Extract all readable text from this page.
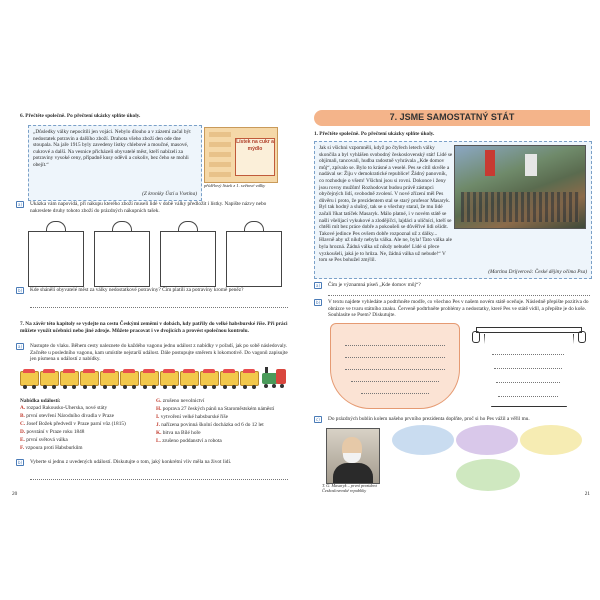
6. Přečtěte společně. Po přečtení ukázky splňte úkoly.
„Důsledky války nepocítili jen vojáci. Nebylo dlouho a v zázemí začal být nedostatek potravin a dalšího zboží. Drahota všeho zboží den ode dne stoupala. Na jaře 1915 byly zavedeny lístky chlebové a moučné, masové, cukrové a další. Na vesnice přicházeli obyvatelé měst, kteří nabízeli za potraviny vysoké ceny, případně kusy oděvů a cokoliv, bez čeho se mohli obejít.“
(Z kroniky Ústí u Vsetína)
Lístek na cukr a mýdlo
přídělový lístek z 1. světové války
a)	Ukázka vám napovídá, při nákupu kterého zboží museli lidé v době války předložit i lístky. Napište názvy nebo nakreslete druhy tohoto zboží do prázdných nákupních tašek.
b)	Kde shánělí obyvatelé měst za války nedostatkové potraviny? Čím platili za potraviny kromě peněz?
7. Na závěr této kapitoly se vydejte na cestu Českými zeměmi v dobách, kdy patřily do velké habsburské říše. Při práci můžete využít učebnici nebo jiné zdroje. Můžete pracovat i ve dvojicích a provést společnou kontrolu.
a)	Nastupte do vlaku. Během cesty naleznete do každého vagonu jednu událost z nabídky v pořadí, jak po sobě následovaly. Začněte u posledního vagonu, kam umístíte nejstarší událost. Dále postupujte směrem k lokomotivě. Do vagonů zapisujte jen písmena u událostí z nabídky.
Nabídka událostí:
A. rozpad Rakousko-Uherska, nové státy
B. první otevření Národního divadla v Praze
C. Josef Božek předvedl v Praze parní vůz (1815)
D. povstání v Praze roku 1848
E. první světová válka
F. vzpoura proti Habsburkům
G. zrušeno nevolnictví
H. popravа 27 českých pánů na Staroměstském náměstí
I. vytvoření velké habsburské říše
J. nařízena povinná školní docházka od 6 do 12 let
K. bitva na Bílé hoře
L. zrušeno poddanství a robota
b)	Vyberte si jednu z uvedených událostí. Diskutujte o tom, jaký konkrétní vliv měla na život lidí.
20
7. JSME SAMOSTATNÝ STÁT
1. Přečtěte společně. Po přečtení ukázky splňte úkoly.
Jak si všichni vzpomněli, když po čtyřech letech války skončila a byl vyhlášen svobodný československý stát! Lidé se objímali, tancovali, hudba radostně vyhrávala „Kde domov můj“, zpívalo se. Bylo to krásné a veselé. Pes se cítil skvěle a nadával se: Žiju v demokratické republice! Žádný panovník, co rozhoduje o všem! Všichni jsou si rovni. Dokonce i ženy jsou rovny mužům! Rozhodovat budou právě zástupci obyčejných lidí, svobodně zvolení. V nové zřízení měl Pes důvěru i proto, že prezidentem stal se starý profesor Masaryk. Byl tak hodný a slušný, tak se o všechny staral, že mu lidé začali říkat tatíček Masaryk. Málo platné, i v novém státě se našli všelijací vykukové a zlodějíčci, lajdáci a uličníci, kteří se chtěli mít bez práce dobře a pokoušeli se důvěřivé lidi ošidit. Takové jedince Pes ovšem dobře rozpoznal už z dálky... Hlavně aby už nikdy nebyla válka. Ale ne, byla! Tato válka ale byla hrozná. Žádná válka už nikdy nebude! Lidé si přece vyzkoušeli, jaká je to hrůza. Ne, žádná válka už nebude!“ V tom se Pes bohužel zmýlil.
(Martina Drijverová: České dějiny očima Psa)
a)	Čím je významná píseň „Kde domov můj“?
b)	V textu najdete vyhledáte a podtrhněte modře, co všechno Pes v našem novém státě oceňuje. Následně přepište pozitiva do obrázce ve tvaru státního znaku. Červeně podtrhněte problémy a nedostatky, které Pes ve státě vidil, a přepište je do koše. Souhlasíte se Psem? Diskutujte.
c)	Do prázdných bublin kolem našeho prvního prezidenta doplňte, proč si ho Pes vážil a věřil mu.
T. G. Masaryk – první prezident Československé republiky
21
